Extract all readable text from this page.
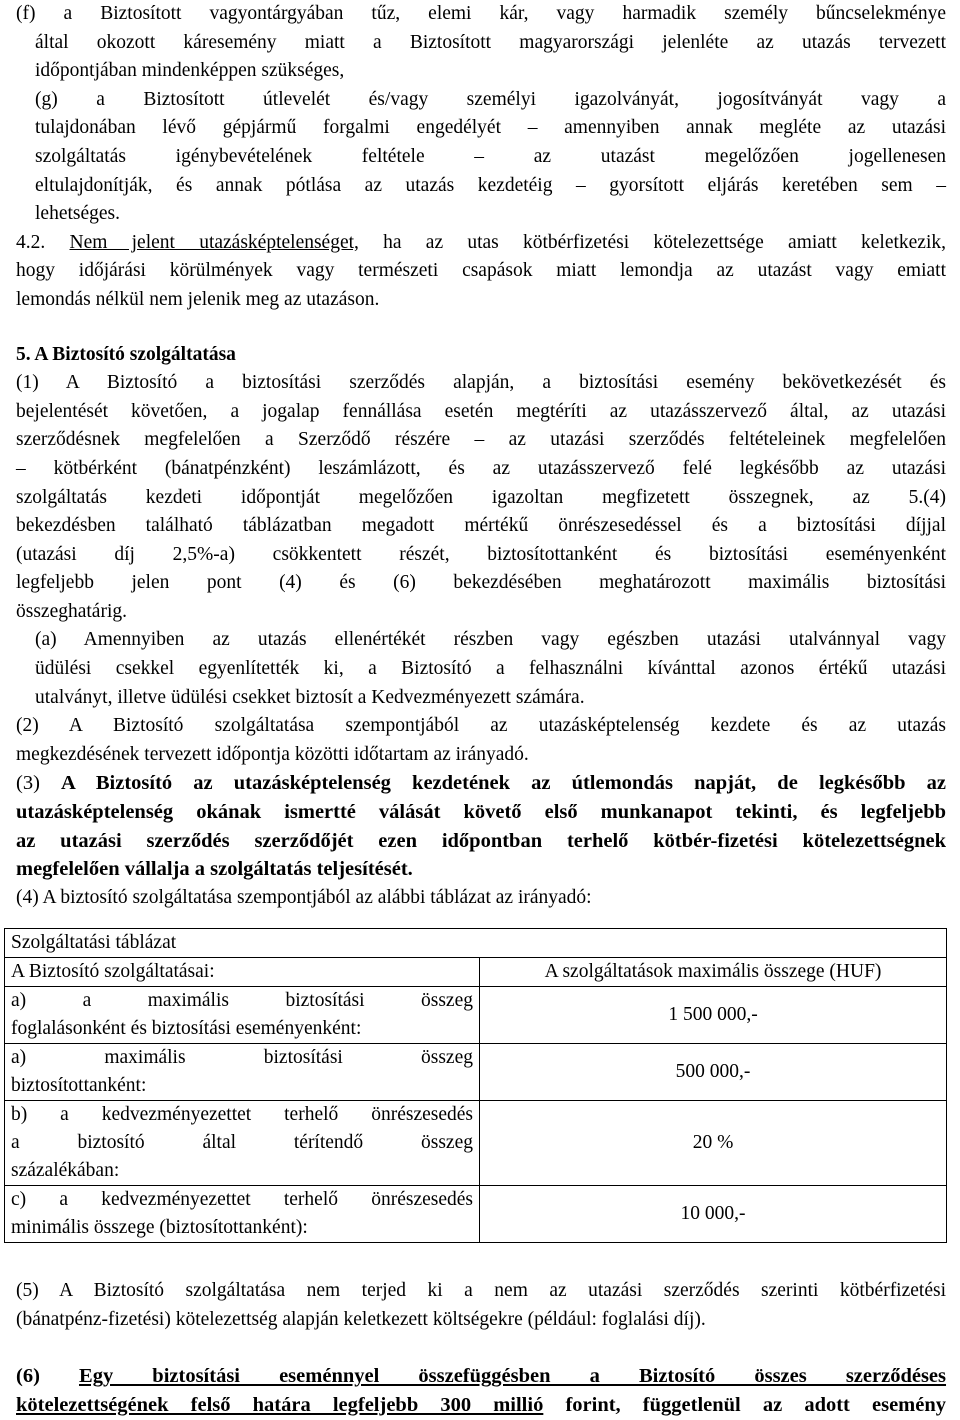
(f) a Biztosított vagyontárgyában tűz, elemi kár, vagy harmadik személy bűncselekménye
által okozott káresemény miatt a Biztosított magyarországi jelenléte az utazás tervezett
időpontjában mindenképpen szükséges,
(g) a Biztosított útlevelét és/vagy személyi igazolványát, jogosítványát vagy a
tulajdonában lévő gépjármű forgalmi engedélyét – amennyiben annak megléte az utazási
szolgáltatás igénybevételének feltétele – az utazást megelőzően jogellenesen
eltulajdonítják, és annak pótlása az utazás kezdetéig – gyorsított eljárás keretében sem –
lehetséges.
4.2. Nem jelent utazásképtelenséget, ha az utas kötbérfizetési kötelezettsége amiatt keletkezik,
hogy időjárási körülmények vagy természeti csapások miatt lemondja az utazást vagy emiatt
lemondás nélkül nem jelenik meg az utazáson.
5. A Biztosító szolgáltatása
(1) A Biztosító a biztosítási szerződés alapján, a biztosítási esemény bekövetkezését és
bejelentését követően, a jogalap fennállása esetén megtéríti az utazásszervező által, az utazási
szerződésnek megfelelően a Szerződő részére – az utazási szerződés feltételeinek megfelelően
– kötbérként (bánatpénzként) leszámlázott, és az utazásszervező felé legkésőbb az utazási
szolgáltatás kezdeti időpontját megelőzően igazoltan megfizetett összegnek, az 5.(4)
bekezdésben található táblázatban megadott mértékű önrészesedéssel és a biztosítási díjjal
(utazási díj 2,5%-a) csökkentett részét, biztosítottanként és biztosítási eseményenként
legfeljebb jelen pont (4) és (6) bekezdésében meghatározott maximális biztosítási
összeghatárig.
(a) Amennyiben az utazás ellenértékét részben vagy egészben utazási utalvánnyal vagy
üdülési csekkel egyenlítették ki, a Biztosító a felhasználni kívánttal azonos értékű utazási
utalványt, illetve üdülési csekket biztosít a Kedvezményezett számára.
(2) A Biztosító szolgáltatása szempontjából az utazásképtelenség kezdete és az utazás
megkezdésének tervezett időpontja közötti időtartam az irányadó.
(3) A Biztosító az utazásképtelenség kezdetének az útlemondás napját, de legkésőbb az
utazásképtelenség okának ismertté válását követő első munkanapot tekinti, és legfeljebb
az utazási szerződés szerződőjét ezen időpontban terhelő kötbér-fizetési kötelezettségnek
megfelelően vállalja a szolgáltatás teljesítését.
(4) A biztosító szolgáltatása szempontjából az alábbi táblázat az irányadó:
Szolgáltatási táblázat	
A Biztosító szolgáltatásai:	A szolgáltatások maximális összege (HUF)

a) a maximális biztosítási összeg
foglalásonként és biztosítási eseményenként:	1 500 000,-

a) maximális biztosítási összeg
biztosítottanként:	500 000,-

b) a kedvezményezettet terhelő önrészesedés
a biztosító által térítendő összeg
százalékában:	20 %

c) a kedvezményezettet terhelő önrészesedés
minimális összege (biztosítottanként):	10 000,-
(5) A Biztosító szolgáltatása nem terjed ki a nem az utazási szerződés szerinti kötbérfizetési
(bánatpénz-fizetési) kötelezettség alapján keletkezett költségekre (például: foglalási díj).
(6) Egy biztosítási eseménnyel összefüggésben a Biztosító összes szerződéses
kötelezettségének felső határa legfeljebb 300 millió forint, függetlenül az adott esemény
